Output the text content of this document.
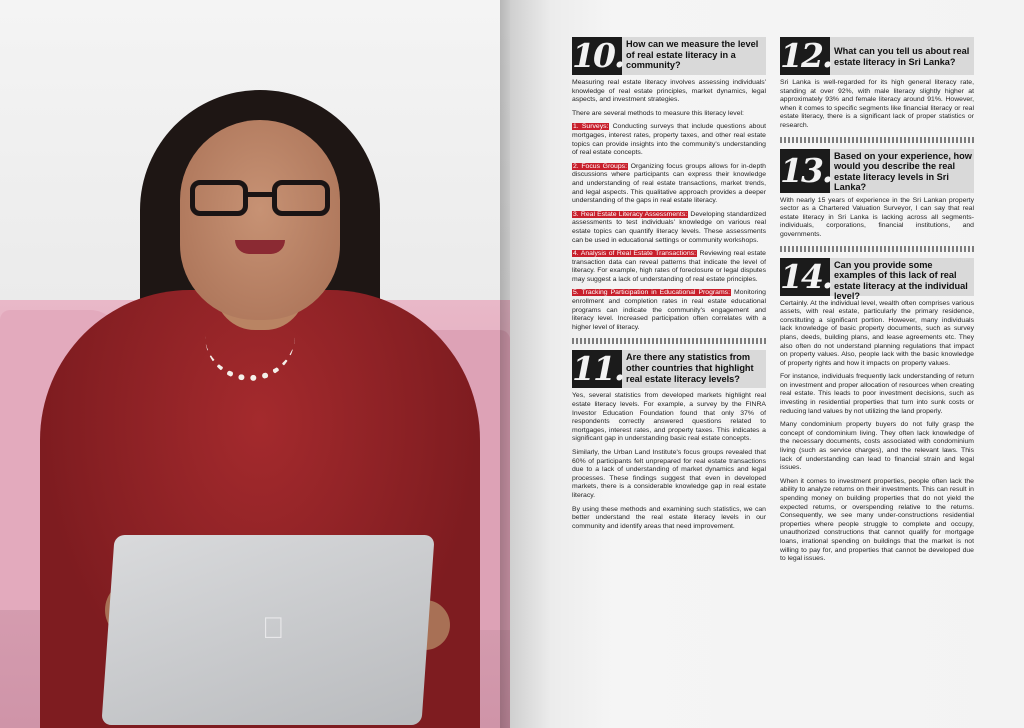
10. How can we measure the level of real estate literacy in a community?

Measuring real estate literacy involves assessing individuals' knowledge of real estate principles, market dynamics, legal aspects, and investment strategies.

There are several methods to measure this literacy level:

1. Surveys: Conducting surveys that include questions about mortgages, interest rates, property taxes, and other real estate topics can provide insights into the community's understanding of real estate concepts.

2. Focus Groups: Organizing focus groups allows for in-depth discussions where participants can express their knowledge and understanding of real estate transactions, market trends, and legal aspects. This qualitative approach provides a deeper understanding of the gaps in real estate literacy.

3. Real Estate Literacy Assessments: Developing standardized assessments to test individuals' knowledge on various real estate topics can quantify literacy levels. These assessments can be used in educational settings or community workshops.

4. Analysis of Real Estate Transactions: Reviewing real estate transaction data can reveal patterns that indicate the level of literacy. For example, high rates of foreclosure or legal disputes may suggest a lack of understanding of real estate principles.

5. Tracking Participation in Educational Programs: Monitoring enrollment and completion rates in real estate educational programs can indicate the community's engagement and literacy level. Increased participation often correlates with a higher level of literacy.

11. Are there any statistics from other countries that highlight real estate literacy levels?

Yes, several statistics from developed markets highlight real estate literacy levels. For example, a survey by the FINRA Investor Education Foundation found that only 37% of respondents correctly answered questions related to mortgages, interest rates, and property taxes. This indicates a significant gap in understanding basic real estate concepts.

Similarly, the Urban Land Institute's focus groups revealed that 60% of participants felt unprepared for real estate transactions due to a lack of understanding of market dynamics and legal processes. These findings suggest that even in developed markets, there is a considerable knowledge gap in real estate literacy.

By using these methods and examining such statistics, we can better understand the real estate literacy levels in our community and identify areas that need improvement.

12. What can you tell us about real estate literacy in Sri Lanka?

Sri Lanka is well-regarded for its high general literacy rate, standing at over 92%, with male literacy slightly higher at approximately 93% and female literacy around 91%. However, when it comes to specific segments like financial literacy or real estate literacy, there is a significant lack of proper statistics or research.

13. Based on your experience, how would you describe the real estate literacy levels in Sri Lanka?

With nearly 15 years of experience in the Sri Lankan property sector as a Chartered Valuation Surveyor, I can say that real estate literacy in Sri Lanka is lacking across all segments-individuals, corporations, financial institutions, and governments.

14. Can you provide some examples of this lack of real estate literacy at the individual level?

Certainly. At the individual level, wealth often comprises various assets, with real estate, particularly the primary residence, constituting a significant portion. However, many individuals lack knowledge of basic property documents, such as survey plans, deeds, building plans, and lease agreements etc. They also often do not understand planning regulations that impact on property values. Also, people lack with the basic knowledge of property rights and how it impacts on property values.

For instance, individuals frequently lack understanding of return on investment and proper allocation of resources when creating real estate. This leads to poor investment decisions, such as investing in residential properties that turn into sunk costs or reducing land values by not utilizing the land properly.

Many condominium property buyers do not fully grasp the concept of condominium living. They often lack knowledge of the necessary documents, costs associated with condominium living (such as service charges), and the relevant laws. This lack of understanding can lead to financial strain and legal issues.

When it comes to investment properties, people often lack the ability to analyze returns on their investments. This can result in spending money on building properties that do not yield the expected returns, or overspending relative to the returns. Consequently, we see many under-constructions residential properties where people struggle to complete and occupy, unauthorized constructions that cannot qualify for mortgage loans, irrational spending on buildings that the market is not willing to pay for, and properties that cannot be developed due to legal issues.
